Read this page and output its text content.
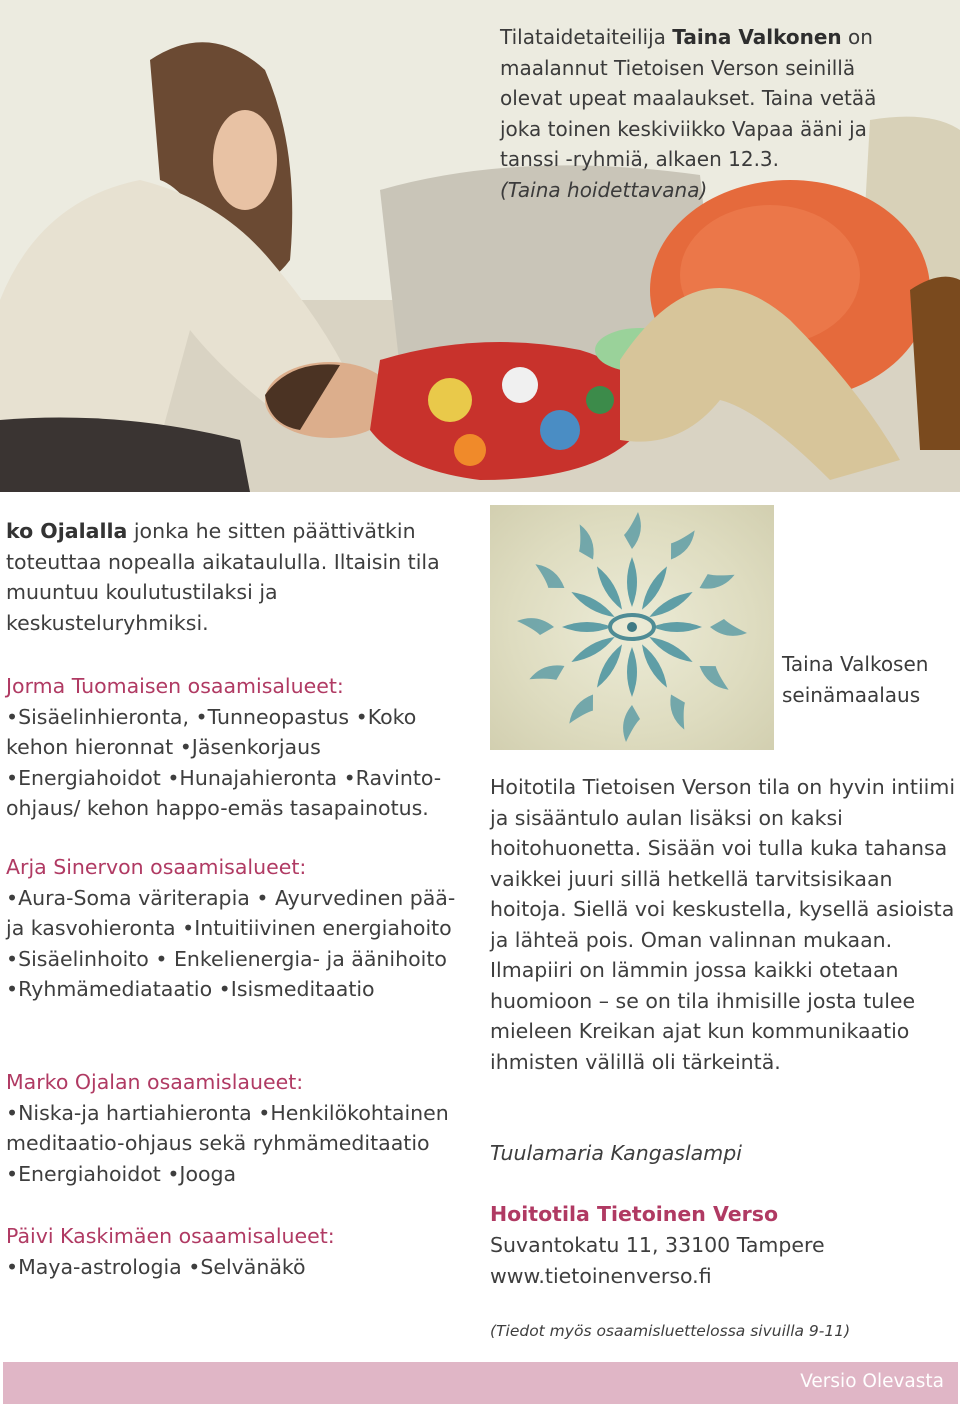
Tilataidetaiteilija Taina Valkonen on maalannut Tietoisen Verson seinillä olevat upeat maalaukset. Taina vetää joka toinen keskiviikko Vapaa ääni ja tanssi -ryhmiä, alkaen 12.3.
(Taina hoidettavana)
ko Ojalalla jonka he sitten päättivätkin toteuttaa nopealla aikataululla. Iltaisin tila muuntuu koulutustilaksi ja keskusteluryhmiksi.
Jorma Tuomaisen osaamisalueet:
•Sisäelinhieronta, •Tunneopastus •Koko kehon hieronnat •Jäsenkorjaus •Energiahoidot •Hunajahieronta •Ravinto-ohjaus/ kehon happo-emäs tasapainotus.
Arja Sinervon osaamisalueet:
•Aura-Soma väriterapia • Ayurvedinen pää- ja kasvohieronta •Intuitiivinen energiahoito •Sisäelinhoito • Enkelienergia- ja äänihoito •Ryhmämediataatio •Isismeditaatio
Marko Ojalan osaamislaueet:
•Niska-ja hartiahieronta •Henkilökohtainen meditaatio-ohjaus sekä ryhmämeditaatio •Energiahoidot •Jooga
Päivi Kaskimäen osaamisalueet:
•Maya-astrologia •Selvänäkö
Taina Valkosen seinämaalaus
Hoitotila Tietoisen Verson tila on hyvin intiimi ja sisääntulo aulan lisäksi on kaksi hoitohuonetta. Sisään voi tulla kuka tahansa vaikkei juuri sillä hetkellä tarvitsisikaan hoitoja. Siellä voi keskustella, kysellä asioista ja lähteä pois. Oman valinnan mukaan.
Ilmapiiri on lämmin jossa kaikki otetaan huomioon – se on tila ihmisille josta tulee mieleen Kreikan ajat kun kommunikaatio ihmisten välillä oli tärkeintä.
Tuulamaria Kangaslampi
Hoitotila Tietoinen Verso
Suvantokatu 11, 33100 Tampere
www.tietoinenverso.fi
(Tiedot myös osaamisluettelossa sivuilla 9-11)
Versio Olevasta
